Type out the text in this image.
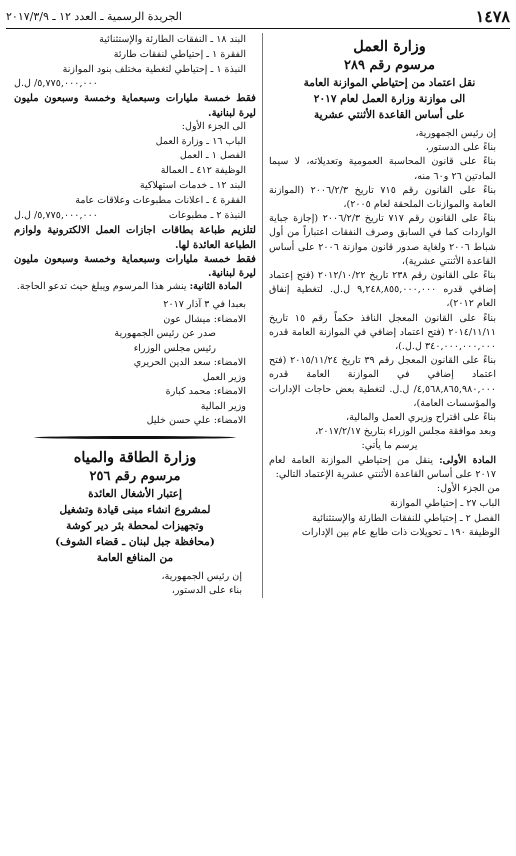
١٤٧٨
الجريدة الرسمية ـ العدد ١٢ ـ ٢٠١٧/٣/٩
وزارة العمل
مرسوم رقم ٢٨٩
نقل اعتماد من إحتياطي الموازنة العامة
الى موازنة وزارة العمل لعام ٢٠١٧
على أساس القاعدة الأثنتي عشرية

إن رئيس الجمهورية،

بناءً على الدستور،

بناءً على قانون المحاسبة العمومية وتعديلاته، لا سيما المادتين ٢٦ و٦٠ منه،

بناءً على القانون رقم ٧١٥ تاريخ ٢٠٠٦/٢/٣ (الموازنة العامة والموازنات الملحقة لعام ٢٠٠٥)،

بناءً على القانون رقم ٧١٧ تاريخ ٢٠٠٦/٢/٣ (إجازة جباية الواردات كما في السابق وصرف النفقات اعتباراً من أول شباط ٢٠٠٦ ولغاية صدور قانون موازنة ٢٠٠٦ على أساس القاعدة الأثنتي عشرية)،

بناءً على القانون رقم ٢٣٨ تاريخ ٢٠١٢/١٠/٢٢ (فتح إعتماد إضافي قدره ٩,٢٤٨,٨٥٥,٠٠٠,٠٠٠ ل.ل. لتغطية إنفاق العام ٢٠١٢)،

بناءً على القانون المعجل النافذ حكماً رقم ١٥ تاريخ ٢٠١٤/١١/١١ (فتح اعتماد إضافي في الموازنة العامة قدره ٣٤٠,٠٠٠,٠٠٠,٠٠٠ ل.ل.)،

بناءً على القانون المعجل رقم ٣٩ تاريخ ٢٠١٥/١١/٢٤ (فتح اعتماد إضافي في الموازنة العامة قدره ٤,٥٦٨,٨٦٥,٩٨٠,٠٠٠/ ل.ل. لتغطية بعض حاجات الإدارات والمؤسسات العامة)،

بناءً على اقتراح وزيري العمل والمالية،

وبعد موافقة مجلس الوزراء بتاريخ ٢٠١٧/٢/١٧،

يرسم ما يأتي:

المادة الأولى: ينقل من إحتياطي الموازنة العامة لعام ٢٠١٧ على أساس القاعدة الأثنتي عشرية الإعتماد التالي:

من الجزء الأول:
الباب ٢٧ ـ إحتياطي الموازنة
الفصل ٢ ـ إحتياطي للنفقات الطارئة والإستثنائية
الوظيفة ١٩٠ ـ تحويلات ذات طابع عام بين الإدارات
البند ١٨ ـ النفقات الطارئة والإستثنائية
الفقرة ١ ـ إحتياطي لنفقات طارئة
النبذة ١ ـ إحتياطي لتغطية مختلف بنود الموازنة
٥,٧٧٥,٠٠٠,٠٠٠/ ل.ل

فقط خمسة مليارات وسبعماية وخمسة وسبعون مليون ليرة لبنانية.

الى الجزء الأول:
الباب ١٦ ـ وزارة العمل
الفصل ١ ـ العمل
الوظيفة ٤١٢ ـ العمالة
البند ١٢ ـ خدمات استهلاكية
الفقرة ٤ ـ اعلانات مطبوعات وعلاقات عامة
النبذة ٢ ـ مطبوعات
٥,٧٧٥,٠٠٠,٠٠٠/ ل.ل

لتلزيم طباعة بطاقات اجازات العمل الالكترونية ولوازم الطباعة العائدة لها.

فقط خمسة مليارات وسبعماية وخمسة وسبعون مليون ليرة لبنانية.

المادة الثانية: ينشر هذا المرسوم ويبلغ حيث تدعو الحاجة.

بعبدا في ٣ آذار ٢٠١٧
الامضاء: ميشال عون
صدر عن رئيس الجمهورية
رئيس مجلس الوزراء
الامضاء: سعد الدين الحريري
وزير العمل
الامضاء: محمد كبارة
وزير المالية
الامضاء: علي حسن خليل
وزارة الطاقة والمياه
مرسوم رقم ٢٥٦
إعتبار الأشغال العائدة
لمشروع انشاء مبنى قيادة وتشغيل
وتجهيزات لمحطة بئر دير كوشة
(محافظة جبل لبنان ـ قضاء الشوف)
من المنافع العامة

إن رئيس الجمهورية،

بناء على الدستور،
